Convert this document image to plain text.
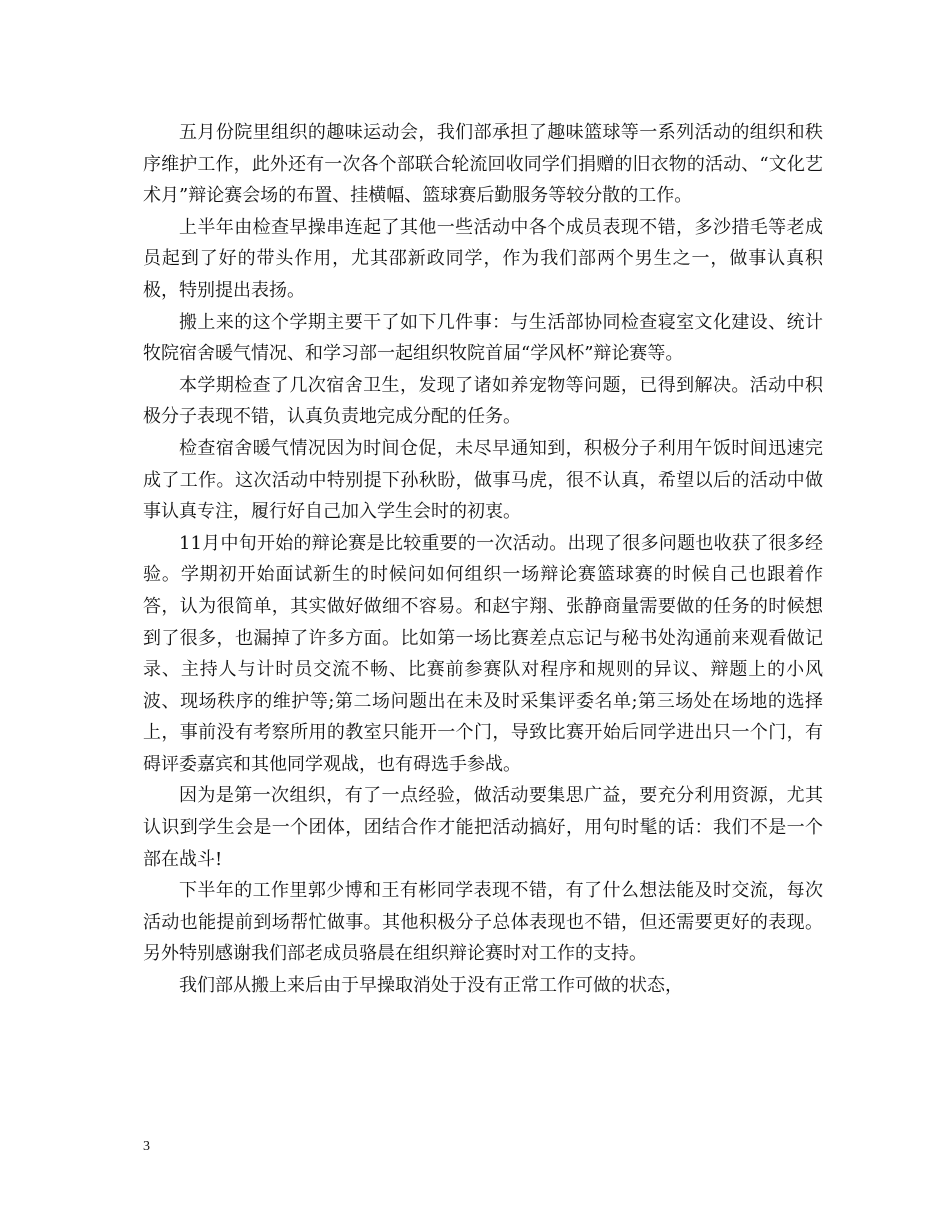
五月份院里组织的趣味运动会，我们部承担了趣味篮球等一系列活动的组织和秩序维护工作，此外还有一次各个部联合轮流回收同学们捐赠的旧衣物的活动、“文化艺术月”辩论赛会场的布置、挂横幅、篮球赛后勤服务等较分散的工作。

上半年由检查早操串连起了其他一些活动中各个成员表现不错，多沙措毛等老成员起到了好的带头作用，尤其邵新政同学，作为我们部两个男生之一，做事认真积极，特别提出表扬。

搬上来的这个学期主要干了如下几件事：与生活部协同检查寝室文化建设、统计牧院宿舍暖气情况、和学习部一起组织牧院首届“学风杯”辩论赛等。

本学期检查了几次宿舍卫生，发现了诸如养宠物等问题，已得到解决。活动中积极分子表现不错，认真负责地完成分配的任务。

检查宿舍暖气情况因为时间仓促，未尽早通知到，积极分子利用午饭时间迅速完成了工作。这次活动中特别提下孙秋盼，做事马虎，很不认真，希望以后的活动中做事认真专注，履行好自己加入学生会时的初衷。

11月中旬开始的辩论赛是比较重要的一次活动。出现了很多问题也收获了很多经验。学期初开始面试新生的时候问如何组织一场辩论赛篮球赛的时候自己也跟着作答，认为很简单，其实做好做细不容易。和赵宇翔、张静商量需要做的任务的时候想到了很多，也漏掉了许多方面。比如第一场比赛差点忘记与秘书处沟通前来观看做记录、主持人与计时员交流不畅、比赛前参赛队对程序和规则的异议、辩题上的小风波、现场秩序的维护等;第二场问题出在未及时采集评委名单;第三场处在场地的选择上，事前没有考察所用的教室只能开一个门，导致比赛开始后同学进出只一个门，有碍评委嘉宾和其他同学观战，也有碍选手参战。

因为是第一次组织，有了一点经验，做活动要集思广益，要充分利用资源，尤其认识到学生会是一个团体，团结合作才能把活动搞好，用句时髦的话：我们不是一个部在战斗!

下半年的工作里郭少博和王有彬同学表现不错，有了什么想法能及时交流，每次活动也能提前到场帮忙做事。其他积极分子总体表现也不错，但还需要更好的表现。另外特别感谢我们部老成员骆晨在组织辩论赛时对工作的支持。

我们部从搬上来后由于早操取消处于没有正常工作可做的状态，

3
